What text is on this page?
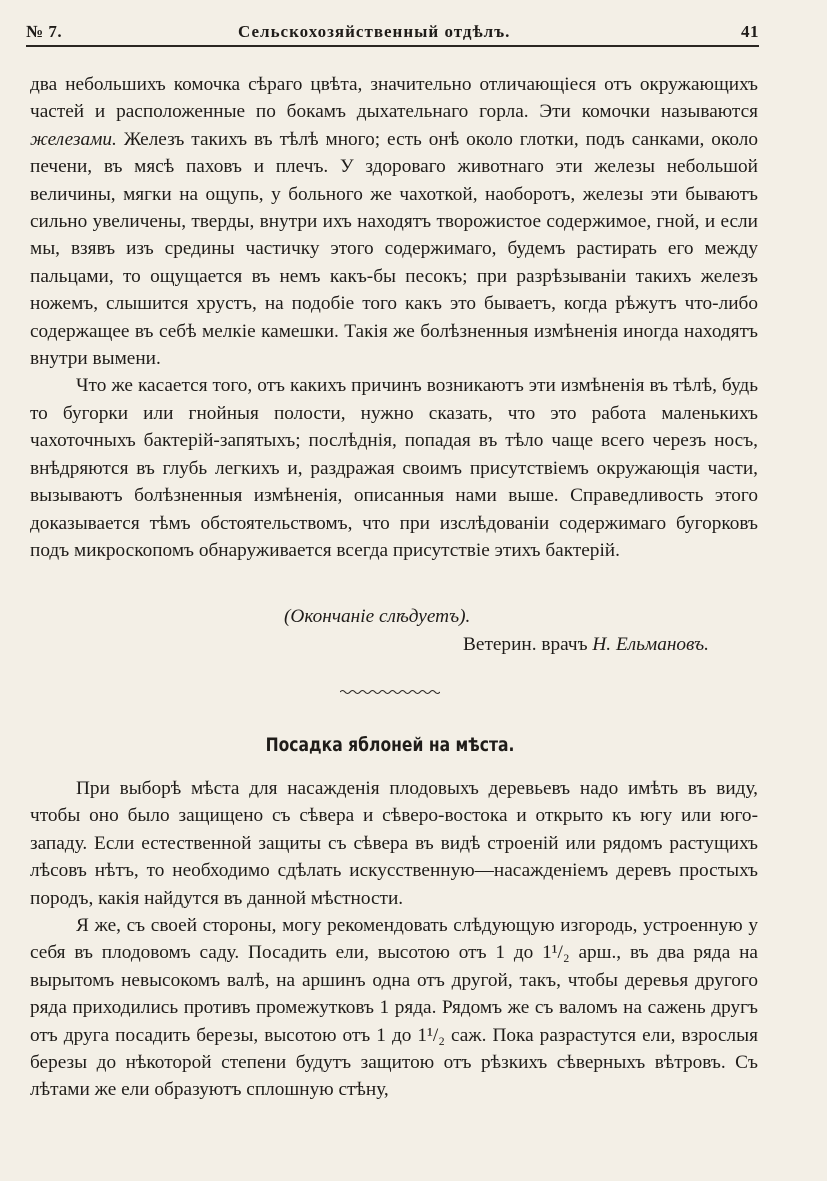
№ 7.	Сельскохозяйственный отдѣлъ.	41

два небольшихъ комочка сѣраго цвѣта, значительно отличающіеся отъ окружающихъ частей и расположенные по бокамъ дыхательнаго горла. Эти комочки называются железами. Железъ такихъ въ тѣлѣ много; есть онѣ около глотки, подъ санками, около печени, въ мясѣ паховъ и плечъ. У здороваго животнаго эти железы небольшой величины, мягки на ощупь, у больного же чахоткой, наоборотъ, железы эти бываютъ сильно увеличены, тверды, внутри ихъ находятъ творожистое содержимое, гной, и если мы, взявъ изъ средины частичку этого содержимаго, будемъ растирать его между пальцами, то ощущается въ немъ какъ-бы песокъ; при разрѣзываніи такихъ железъ ножемъ, слышится хрустъ, на подобіе того какъ это бываетъ, когда рѣжутъ что-либо содержащее въ себѣ мелкіе камешки. Такія же болѣзненныя измѣненія иногда находятъ внутри вымени.

Что же касается того, отъ какихъ причинъ возникаютъ эти измѣненія въ тѣлѣ, будь то бугорки или гнойныя полости, нужно сказать, что это работа маленькихъ чахоточныхъ бактерій-запятыхъ; послѣднія, попадая въ тѣло чаще всего черезъ носъ, внѣдряются въ глубь легкихъ и, раздражая своимъ присутствіемъ окружающія части, вызываютъ болѣзненныя измѣненія, описанныя нами выше. Справедливость этого доказывается тѣмъ обстоятельствомъ, что при изслѣдованіи содержимаго бугорковъ подъ микроскопомъ обнаруживается всегда присутствіе этихъ бактерій.

(Окончаніе слѣдуетъ).
Ветерин. врачъ Н. Ельмановъ.
Посадка яблоней на мѣста.

При выборѣ мѣста для насажденія плодовыхъ деревьевъ надо имѣть въ виду, чтобы оно было защищено съ сѣвера и сѣверо-востока и открыто къ югу или юго-западу. Если естественной защиты съ сѣвера въ видѣ строеній или рядомъ растущихъ лѣсовъ нѣтъ, то необходимо сдѣлать искусственную—насажденіемъ деревъ простыхъ породъ, какія найдутся въ данной мѣстности.

Я же, съ своей стороны, могу рекомендовать слѣдующую изгородь, устроенную у себя въ плодовомъ саду. Посадить ели, высотою отъ 1 до 1¹/₂ арш., въ два ряда на вырытомъ невысокомъ валѣ, на аршинъ одна отъ другой, такъ, чтобы деревья другого ряда приходились противъ промежутковъ 1 ряда. Рядомъ же съ валомъ на сажень другъ отъ друга посадить березы, высотою отъ 1 до 1¹/₂ саж. Пока разрастутся ели, взрослыя березы до нѣкоторой степени будутъ защитою отъ рѣзкихъ сѣверныхъ вѣтровъ. Съ лѣтами же ели образуютъ сплошную стѣну,
